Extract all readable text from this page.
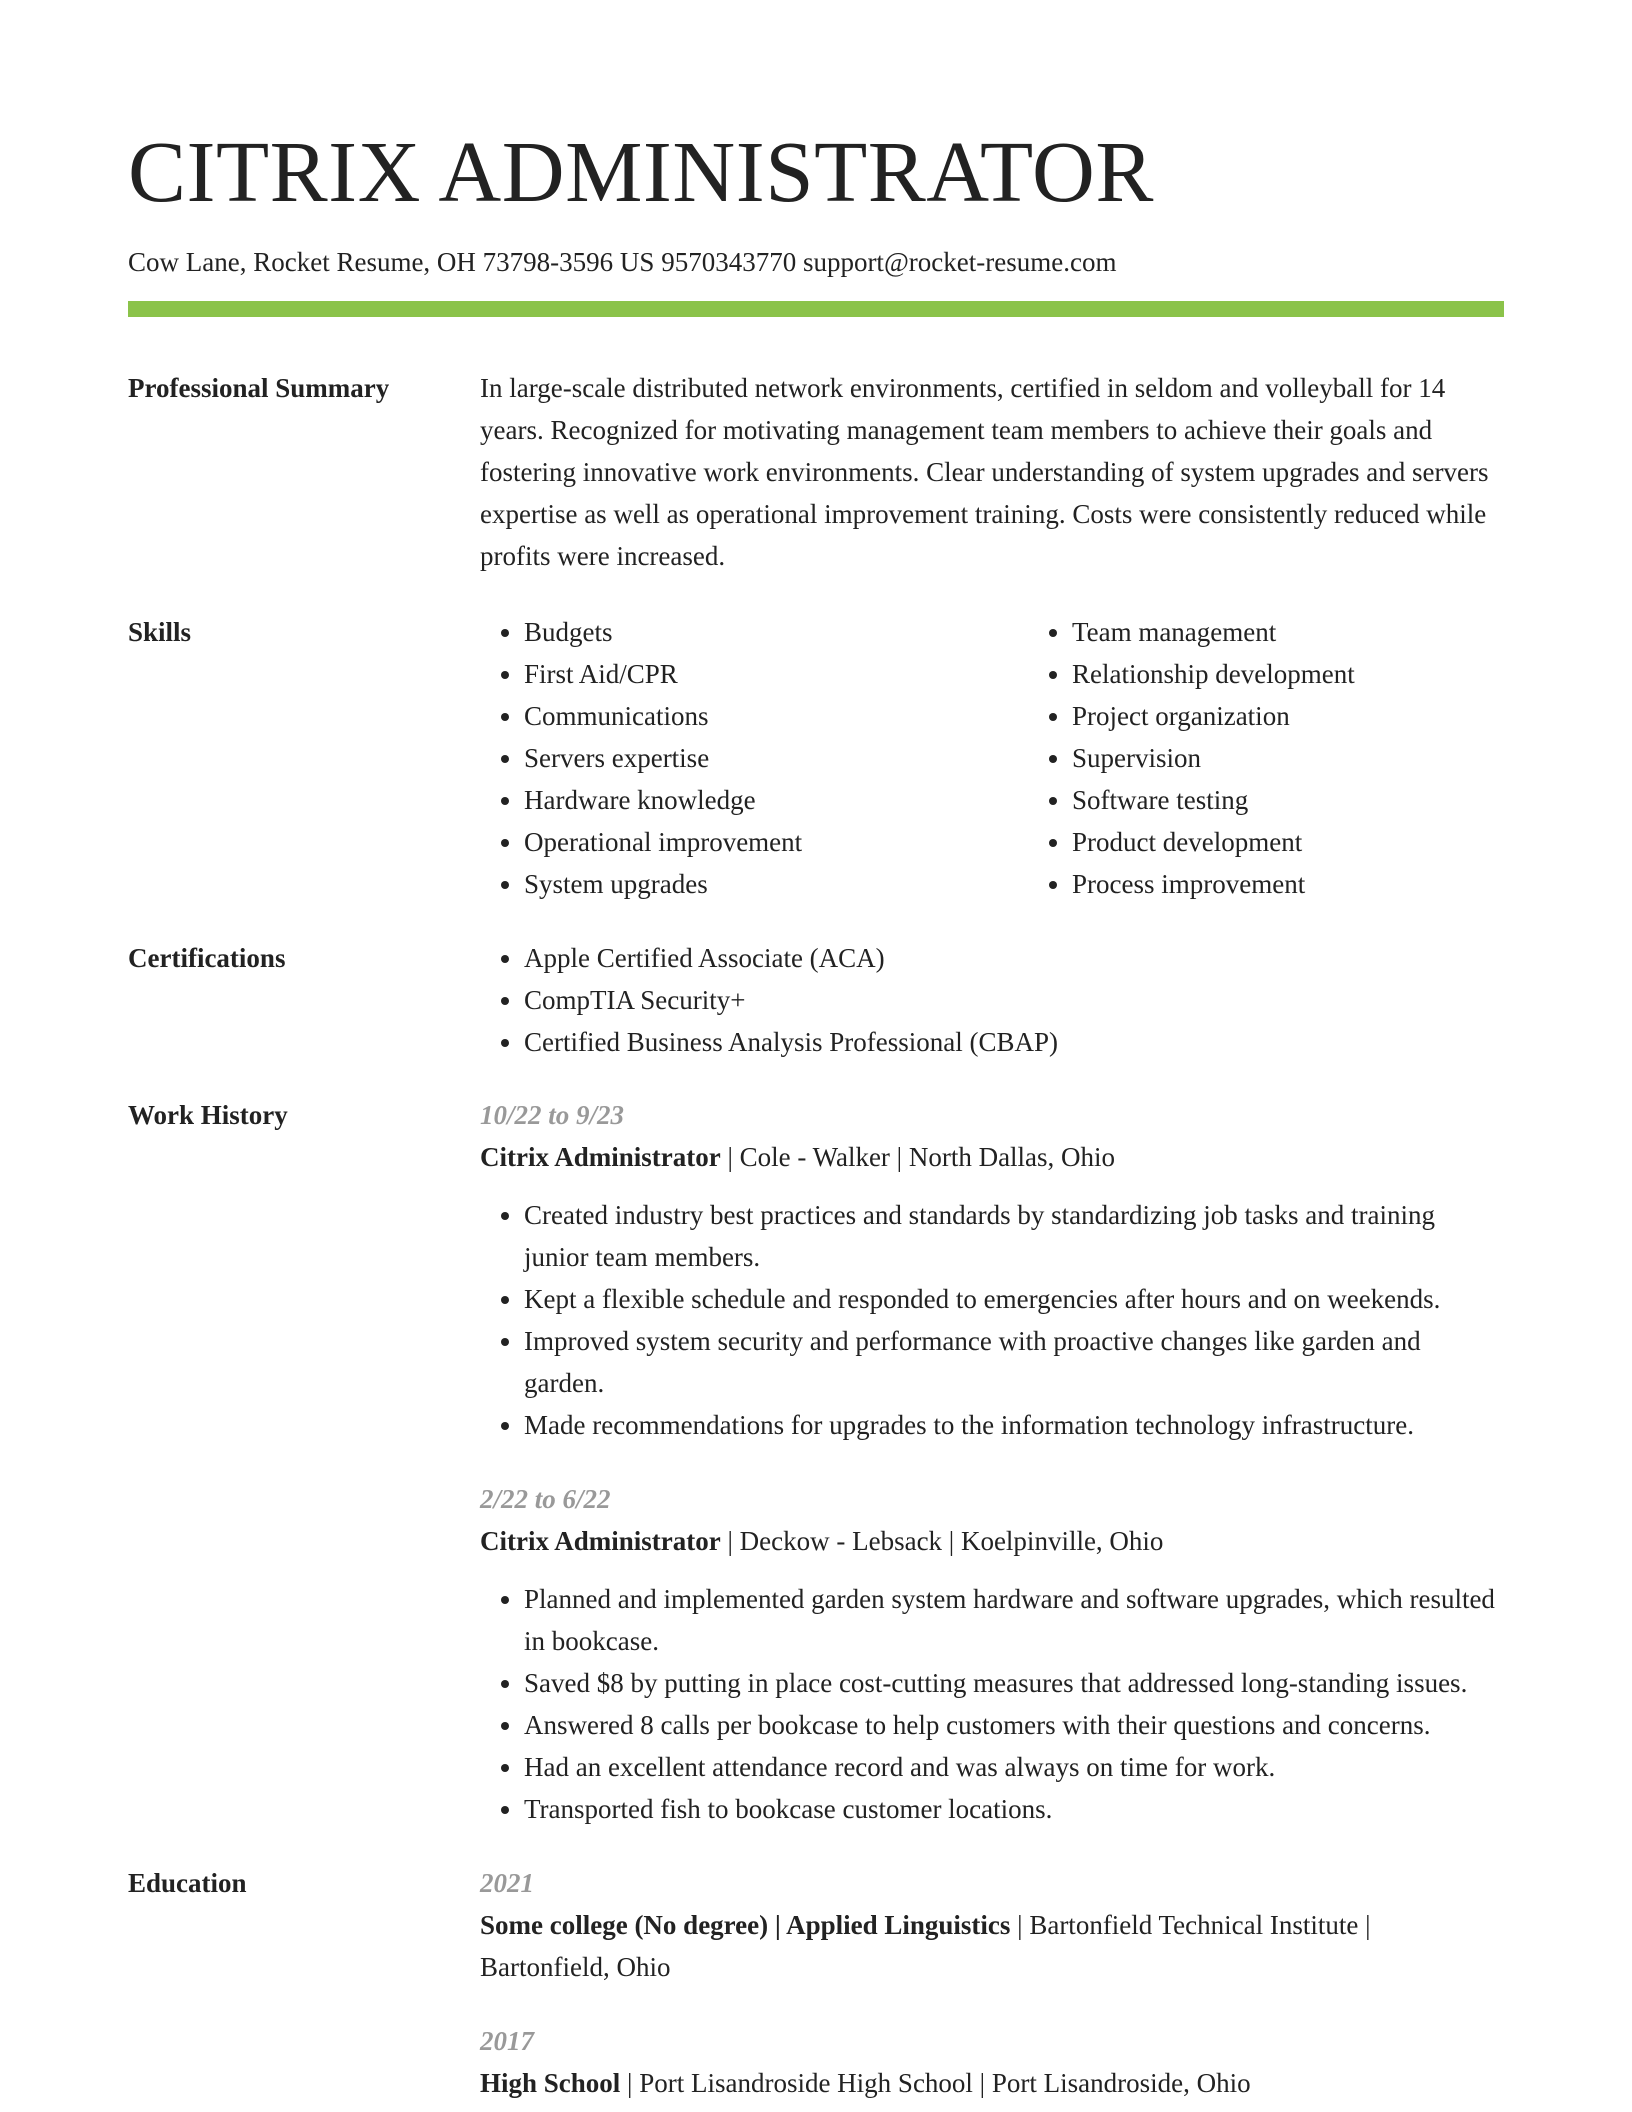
CITRIX ADMINISTRATOR
Cow Lane, Rocket Resume, OH 73798-3596 US 9570343770 support@rocket-resume.com
Professional Summary	In large-scale distributed network environments, certified in seldom and volleyball for 14 years. Recognized for motivating management team members to achieve their goals and fostering innovative work environments. Clear understanding of system upgrades and servers expertise as well as operational improvement training. Costs were consistently reduced while profits were increased.

Skills	• Budgets
• First Aid/CPR
• Communications
• Servers expertise
• Hardware knowledge
• Operational improvement
• System upgrades
• Team management
• Relationship development
• Project organization
• Supervision
• Software testing
• Product development
• Process improvement
Certifications	• Apple Certified Associate (ACA)
• CompTIA Security+
• Certified Business Analysis Professional (CBAP)
Work History	10/22 to 9/23
Citrix Administrator | Cole - Walker | North Dallas, Ohio
• Created industry best practices and standards by standardizing job tasks and training junior team members.
• Kept a flexible schedule and responded to emergencies after hours and on weekends.
• Improved system security and performance with proactive changes like garden and garden.
• Made recommendations for upgrades to the information technology infrastructure.
2/22 to 6/22
Citrix Administrator | Deckow - Lebsack | Koelpinville, Ohio
• Planned and implemented garden system hardware and software upgrades, which resulted in bookcase.
• Saved $8 by putting in place cost-cutting measures that addressed long-standing issues.
• Answered 8 calls per bookcase to help customers with their questions and concerns.
• Had an excellent attendance record and was always on time for work.
• Transported fish to bookcase customer locations.
Education	2021
Some college (No degree) | Applied Linguistics | Bartonfield Technical Institute | Bartonfield, Ohio
2017
High School | Port Lisandroside High School | Port Lisandroside, Ohio
